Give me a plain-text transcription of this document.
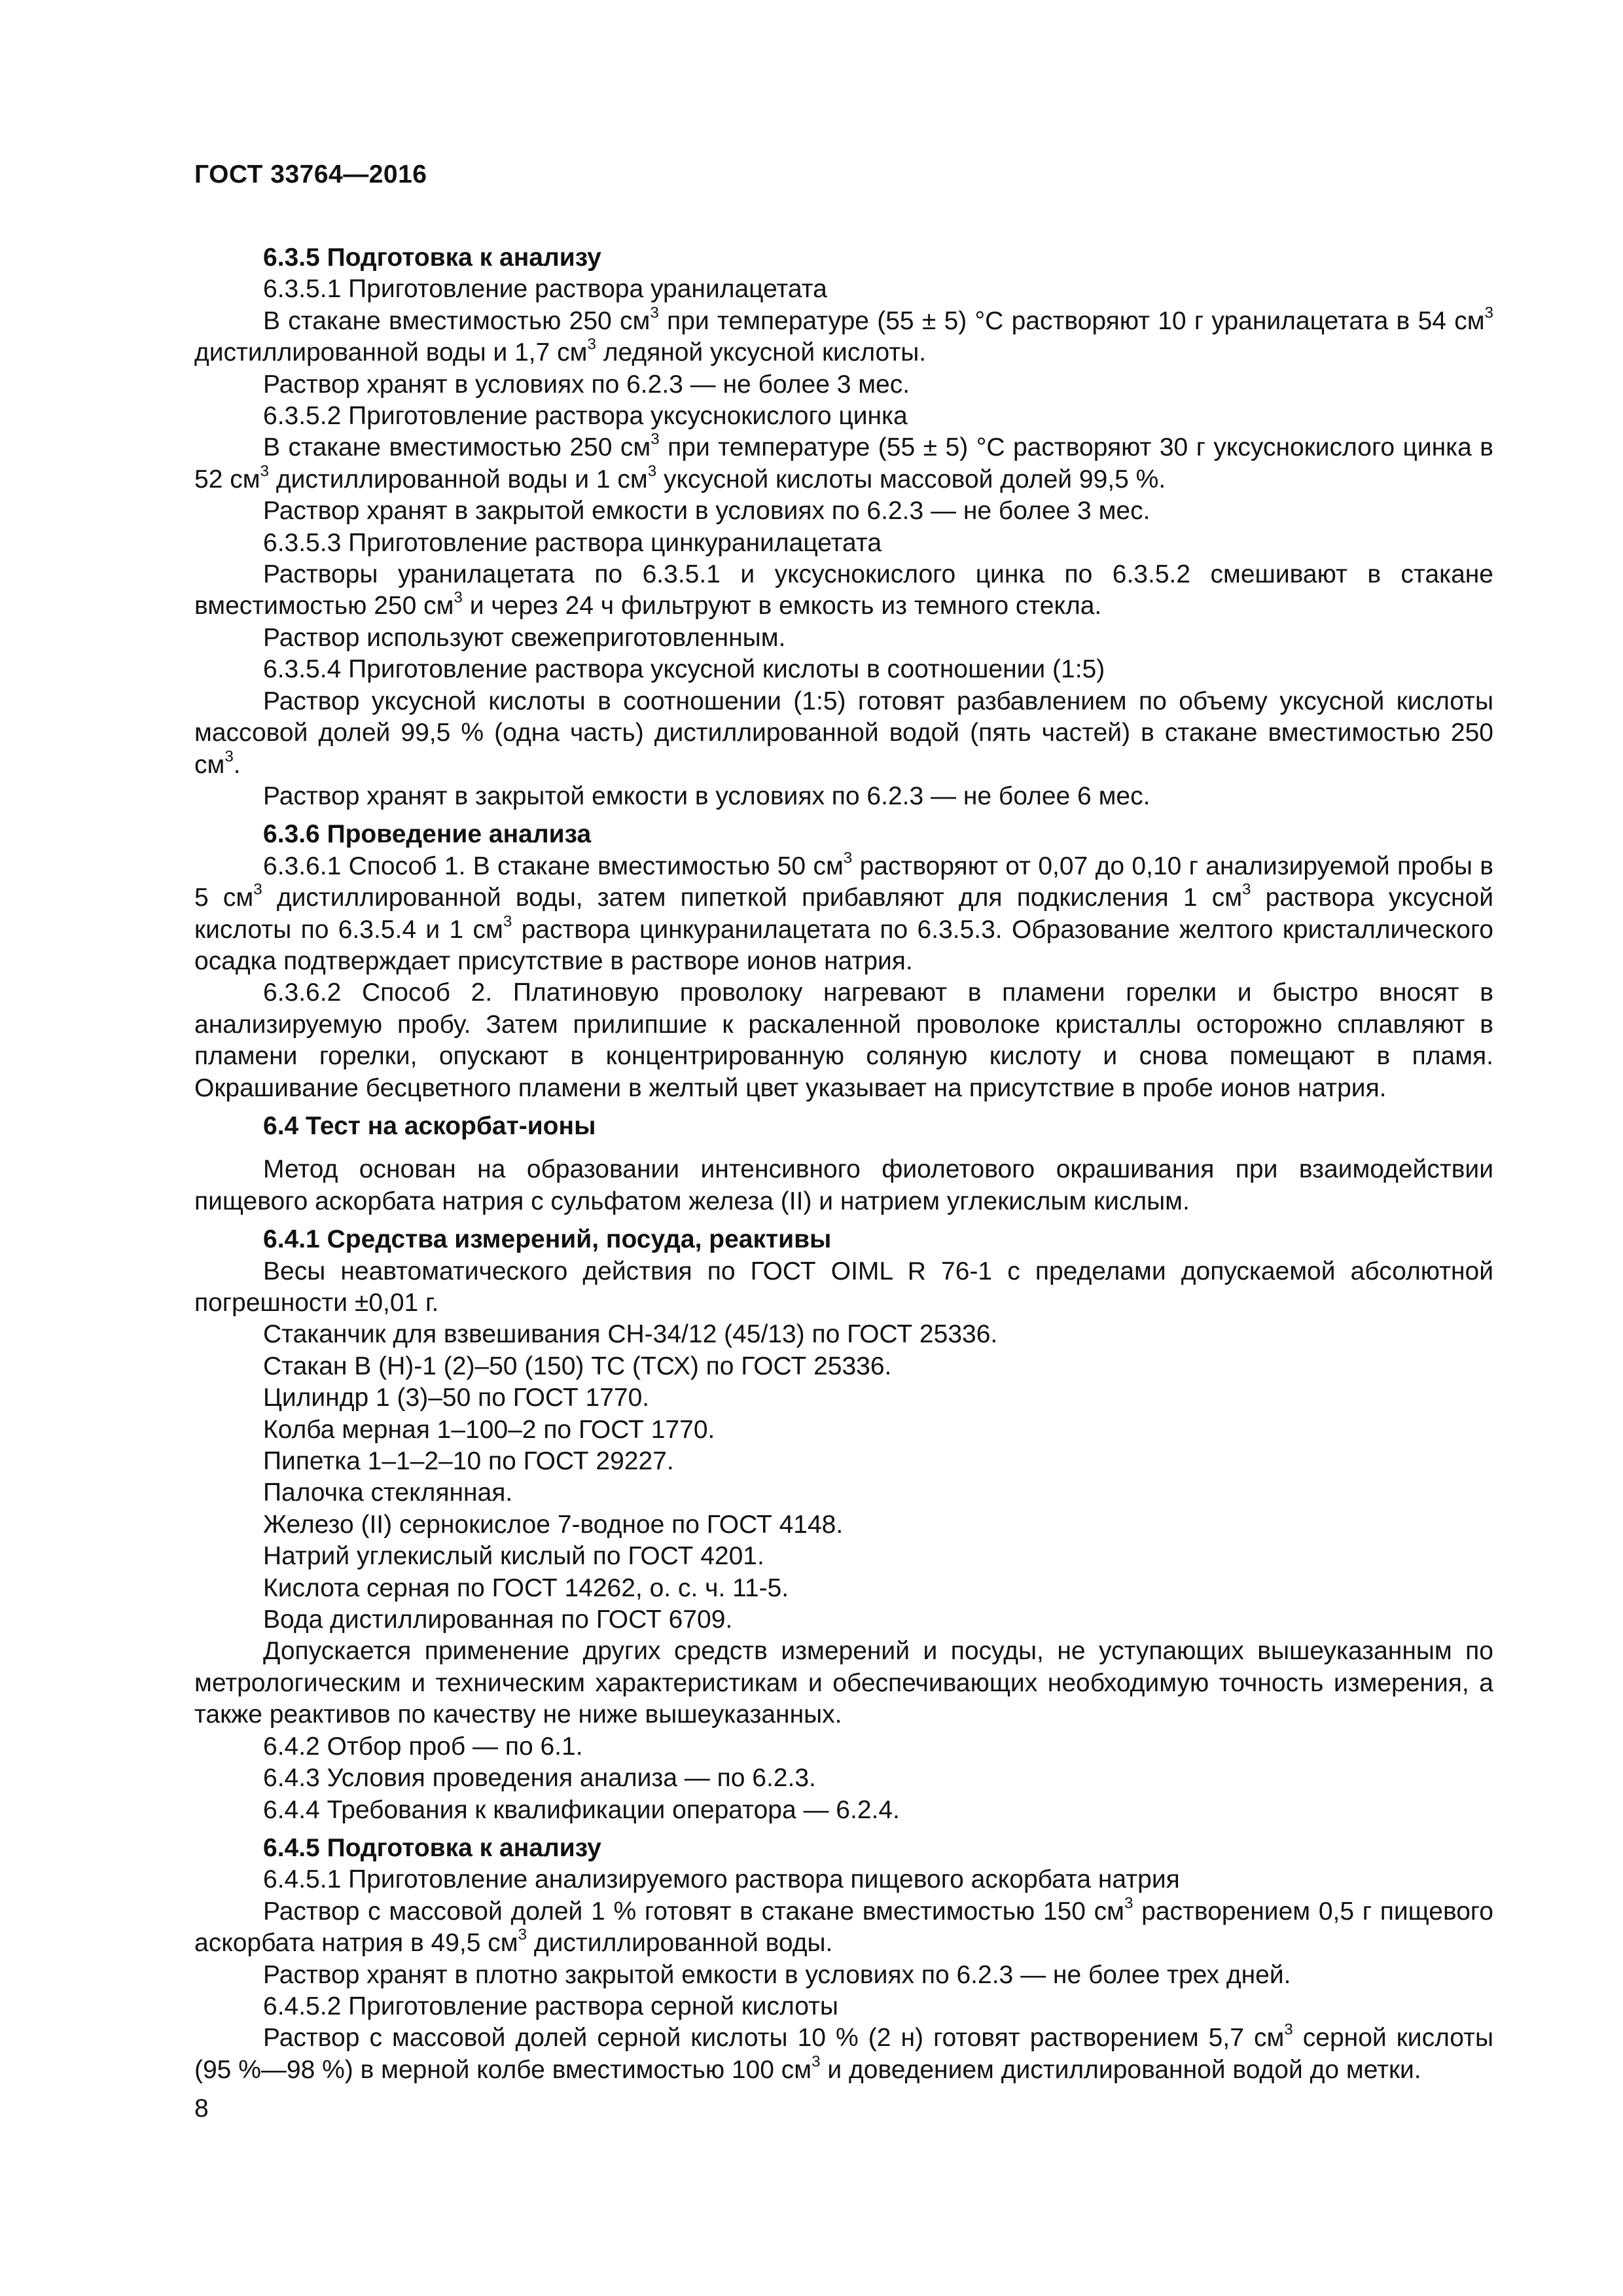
ГОСТ 33764—2016

6.3.5 Подготовка к анализу

6.3.5.1 Приготовление раствора уранилацетата

В стакане вместимостью 250 $см^3$ при температуре (55 ± 5) °С растворяют 10 г уранилацетата в 54 $см^3$ дистиллированной воды и 1,7 $см^3$ ледяной уксусной кислоты.

Раствор хранят в условиях по 6.2.3 — не более 3 мес.

6.3.5.2 Приготовление раствора уксуснокислого цинка

В стакане вместимостью 250 $см^3$ при температуре (55 ± 5) °С растворяют 30 г уксуснокислого цинка в 52 $см^3$ дистиллированной воды и 1 $см^3$ уксусной кислоты массовой долей 99,5 %.

Раствор хранят в закрытой емкости в условиях по 6.2.3 — не более 3 мес.

6.3.5.3 Приготовление раствора цинкуранилацетата

Растворы уранилацетата по 6.3.5.1 и уксуснокислого цинка по 6.3.5.2 смешивают в стакане вместимостью 250 $см^3$ и через 24 ч фильтруют в емкость из темного стекла.

Раствор используют свежеприготовленным.

6.3.5.4 Приготовление раствора уксусной кислоты в соотношении (1:5)

Раствор уксусной кислоты в соотношении (1:5) готовят разбавлением по объему уксусной кислоты массовой долей 99,5 % (одна часть) дистиллированной водой (пять частей) в стакане вместимостью 250 $см^3$.

Раствор хранят в закрытой емкости в условиях по 6.2.3 — не более 6 мес.

6.3.6 Проведение анализа

6.3.6.1 Способ 1. В стакане вместимостью 50 $см^3$ растворяют от 0,07 до 0,10 г анализируемой пробы в 5 $см^3$ дистиллированной воды, затем пипеткой прибавляют для подкисления 1 $см^3$ раствора уксусной кислоты по 6.3.5.4 и 1 $см^3$ раствора цинкуранилацетата по 6.3.5.3. Образование желтого кристаллического осадка подтверждает присутствие в растворе ионов натрия.

6.3.6.2 Способ 2. Платиновую проволоку нагревают в пламени горелки и быстро вносят в анализируемую пробу. Затем прилипшие к раскаленной проволоке кристаллы осторожно сплавляют в пламени горелки, опускают в концентрированную соляную кислоту и снова помещают в пламя. Окрашивание бесцветного пламени в желтый цвет указывает на присутствие в пробе ионов натрия.

6.4 Тест на аскорбат-ионы

Метод основан на образовании интенсивного фиолетового окрашивания при взаимодействии пищевого аскорбата натрия с сульфатом железа (II) и натрием углекислым кислым.

6.4.1 Средства измерений, посуда, реактивы

Весы неавтоматического действия по ГОСТ OIML R 76-1 с пределами допускаемой абсолютной погрешности ±0,01 г.

Стаканчик для взвешивания СН-34/12 (45/13) по ГОСТ 25336.

Стакан В (Н)-1 (2)–50 (150) ТС (ТСХ) по ГОСТ 25336.

Цилиндр 1 (3)–50 по ГОСТ 1770.

Колба мерная 1–100–2 по ГОСТ 1770.

Пипетка 1–1–2–10 по ГОСТ 29227.

Палочка стеклянная.

Железо (II) сернокислое 7-водное по ГОСТ 4148.

Натрий углекислый кислый по ГОСТ 4201.

Кислота серная по ГОСТ 14262, о. с. ч. 11-5.

Вода дистиллированная по ГОСТ 6709.

Допускается применение других средств измерений и посуды, не уступающих вышеуказанным по метрологическим и техническим характеристикам и обеспечивающих необходимую точность измерения, а также реактивов по качеству не ниже вышеуказанных.

6.4.2 Отбор проб — по 6.1.

6.4.3 Условия проведения анализа — по 6.2.3.

6.4.4 Требования к квалификации оператора — 6.2.4.

6.4.5 Подготовка к анализу

6.4.5.1 Приготовление анализируемого раствора пищевого аскорбата натрия

Раствор с массовой долей 1 % готовят в стакане вместимостью 150 $см^3$ растворением 0,5 г пищевого аскорбата натрия в 49,5 $см^3$ дистиллированной воды.

Раствор хранят в плотно закрытой емкости в условиях по 6.2.3 — не более трех дней.

6.4.5.2 Приготовление раствора серной кислоты

Раствор с массовой долей серной кислоты 10 % (2 н) готовят растворением 5,7 $см^3$ серной кислоты (95 %—98 %) в мерной колбе вместимостью 100 $см^3$ и доведением дистиллированной водой до метки.

8
